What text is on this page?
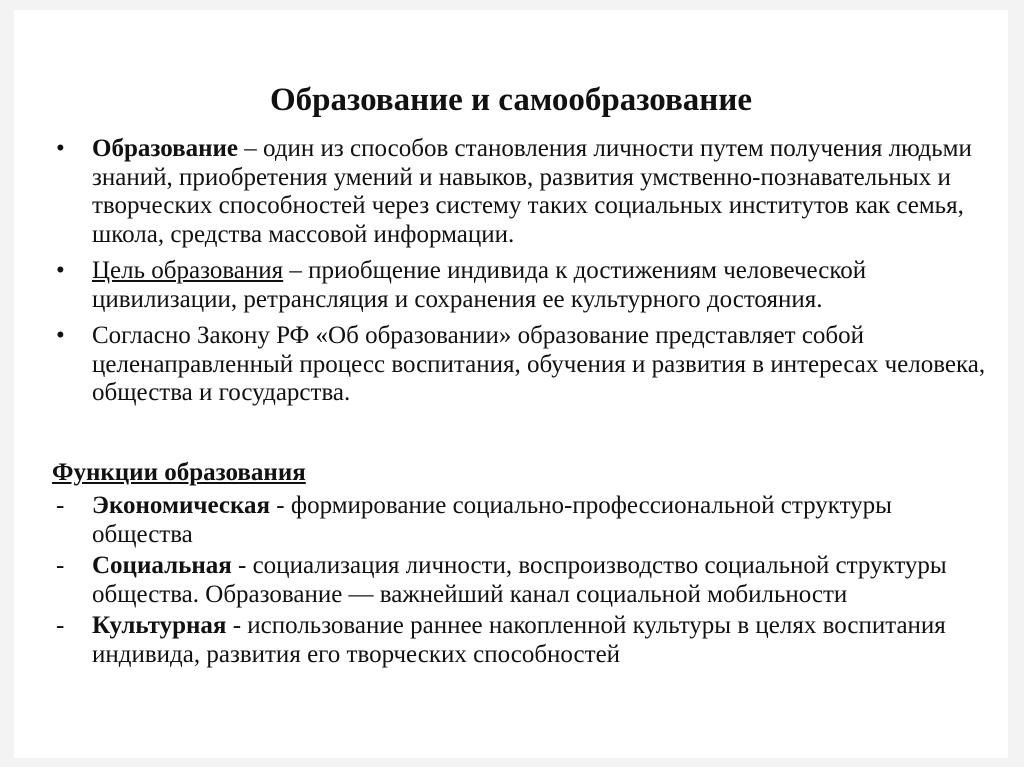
Образование и самообразование
•	Образование – один из способов становления личности путем получения людьми знаний, приобретения умений и навыков, развития умственно-познавательных и творческих способностей через систему таких социальных институтов как семья, школа, средства массовой информации.
•	Цель образования – приобщение индивида к достижениям человеческой цивилизации, ретрансляция и сохранения ее культурного достояния.
•	Согласно Закону РФ «Об образовании» образование представляет собой целенаправленный процесс воспитания, обучения и развития в интересах человека, общества и государства.

Функции образования

-	Экономическая - формирование социально-профессиональной структуры общества
-	Социальная - социализация личности, воспроизводство социальной структуры общества. Образование — важнейший канал социальной мобильности
-	Культурная - использование раннее накопленной культуры в целях воспитания индивида, развития его творческих способностей
